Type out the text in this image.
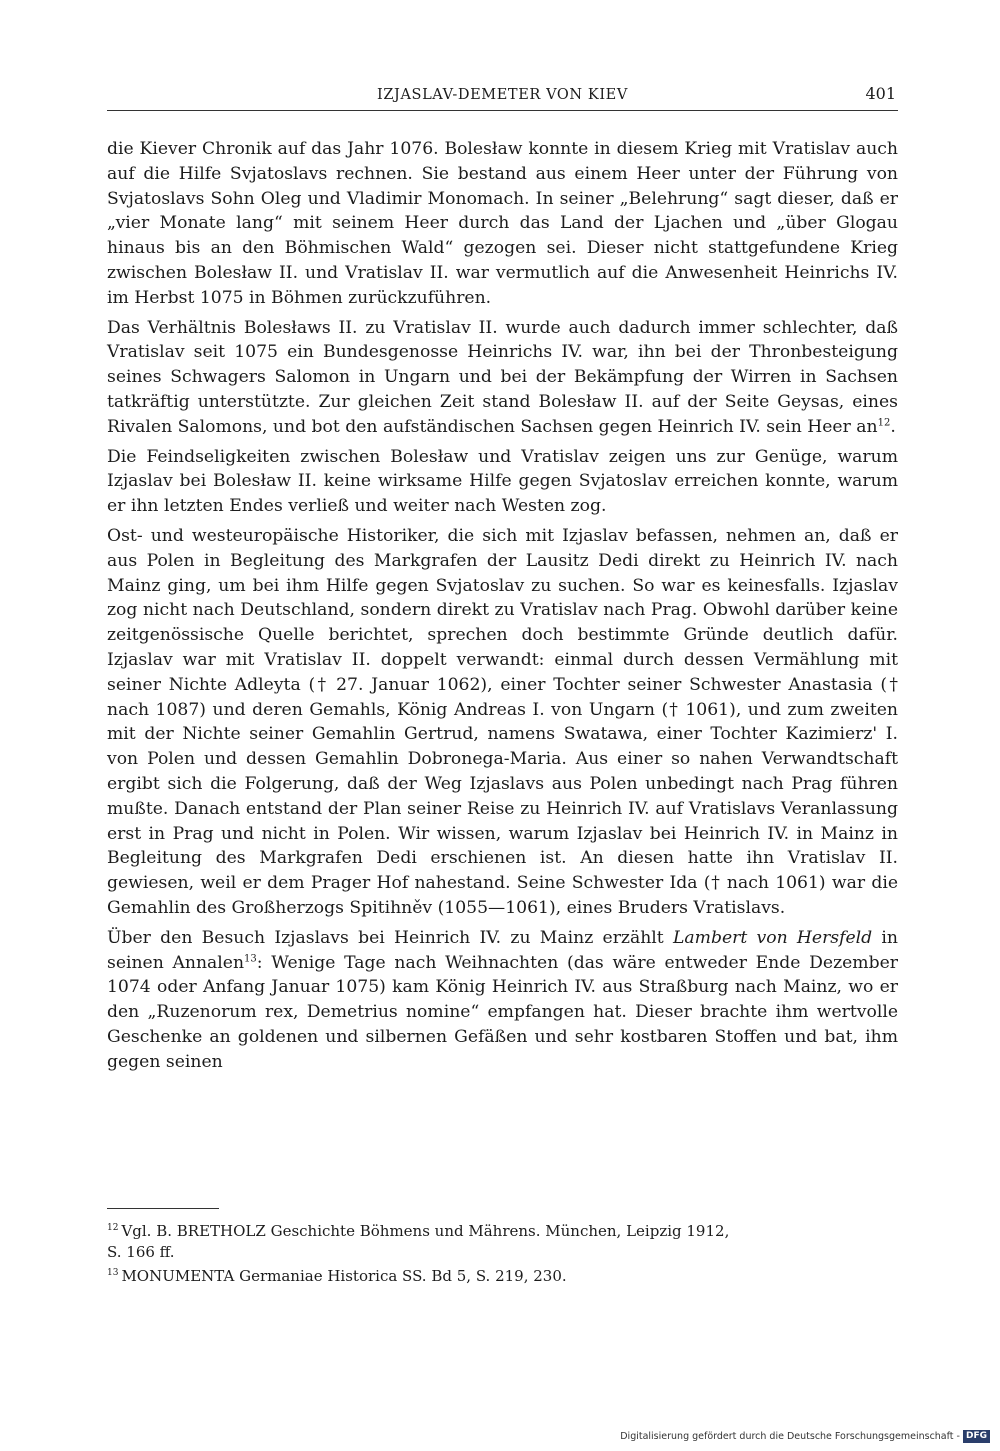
IZJASLAV-DEMETER VON KIEV	401

die Kiever Chronik auf das Jahr 1076. Bolesław konnte in diesem Krieg mit Vratislav auch auf die Hilfe Svjatoslavs rechnen. Sie bestand aus einem Heer unter der Führung von Svjatoslavs Sohn Oleg und Vladimir Monomach. In seiner „Belehrung“ sagt dieser, daß er „vier Monate lang“ mit seinem Heer durch das Land der Ljachen und „über Glogau hinaus bis an den Böhmischen Wald“ gezogen sei. Dieser nicht stattgefundene Krieg zwischen Bolesław II. und Vratislav II. war vermutlich auf die Anwesenheit Heinrichs IV. im Herbst 1075 in Böhmen zurückzuführen.

Das Verhältnis Bolesławs II. zu Vratislav II. wurde auch dadurch immer schlechter, daß Vratislav seit 1075 ein Bundesgenosse Heinrichs IV. war, ihn bei der Thronbesteigung seines Schwagers Salomon in Ungarn und bei der Bekämpfung der Wirren in Sachsen tatkräftig unterstützte. Zur gleichen Zeit stand Bolesław II. auf der Seite Geysas, eines Rivalen Salomons, und bot den aufständischen Sachsen gegen Heinrich IV. sein Heer $an^{12}$.

Die Feindseligkeiten zwischen Bolesław und Vratislav zeigen uns zur Genüge, warum Izjaslav bei Bolesław II. keine wirksame Hilfe gegen Svjatoslav erreichen konnte, warum er ihn letzten Endes verließ und weiter nach Westen zog.

Ost- und westeuropäische Historiker, die sich mit Izjaslav befassen, nehmen an, daß er aus Polen in Begleitung des Markgrafen der Lausitz Dedi direkt zu Heinrich IV. nach Mainz ging, um bei ihm Hilfe gegen Svjatoslav zu suchen. So war es keinesfalls. Izjaslav zog nicht nach Deutschland, sondern direkt zu Vratislav nach Prag. Obwohl darüber keine zeitgenössische Quelle berichtet, sprechen doch bestimmte Gründe deutlich dafür. Izjaslav war mit Vratislav II. doppelt verwandt: einmal durch dessen Vermählung mit seiner Nichte Adleyta († 27. Januar 1062), einer Tochter seiner Schwester Anastasia († nach 1087) und deren Gemahls, König Andreas I. von Ungarn († 1061), und zum zweiten mit der Nichte seiner Gemahlin Gertrud, namens Swatawa, einer Tochter Kazimierz' I. von Polen und dessen Gemahlin Dobronega-Maria. Aus einer so nahen Verwandtschaft ergibt sich die Folgerung, daß der Weg Izjaslavs aus Polen unbedingt nach Prag führen mußte. Danach entstand der Plan seiner Reise zu Heinrich IV. auf Vratislavs Veranlassung erst in Prag und nicht in Polen. Wir wissen, warum Izjaslav bei Heinrich IV. in Mainz in Begleitung des Markgrafen Dedi erschienen ist. An diesen hatte ihn Vratislav II. gewiesen, weil er dem Prager Hof nahestand. Seine Schwester Ida († nach 1061) war die Gemahlin des Großherzogs Spitihněv (1055—1061), eines Bruders Vratislavs.

Über den Besuch Izjaslavs bei Heinrich IV. zu Mainz erzählt Lambert von Hersfeld in seinen Annalen$^{13}$: Wenige Tage nach Weihnachten (das wäre entweder Ende Dezember 1074 oder Anfang Januar 1075) kam König Heinrich IV. aus Straßburg nach Mainz, wo er den „Ruzenorum rex, Demetrius nomine“ empfangen hat. Dieser brachte ihm wertvolle Geschenke an goldenen und silbernen Gefäßen und sehr kostbaren Stoffen und bat, ihm gegen seinen

$^{12}$ Vgl. B. BRETHOLZ Geschichte Böhmens und Mährens. München, Leipzig 1912,
S. 166 ff.
$^{13}$ MONUMENTA Germaniae Historica SS. Bd 5, S. 219, 230.
Digitalisierung gefördert durch die Deutsche Forschungsgemeinschaft - DFG
